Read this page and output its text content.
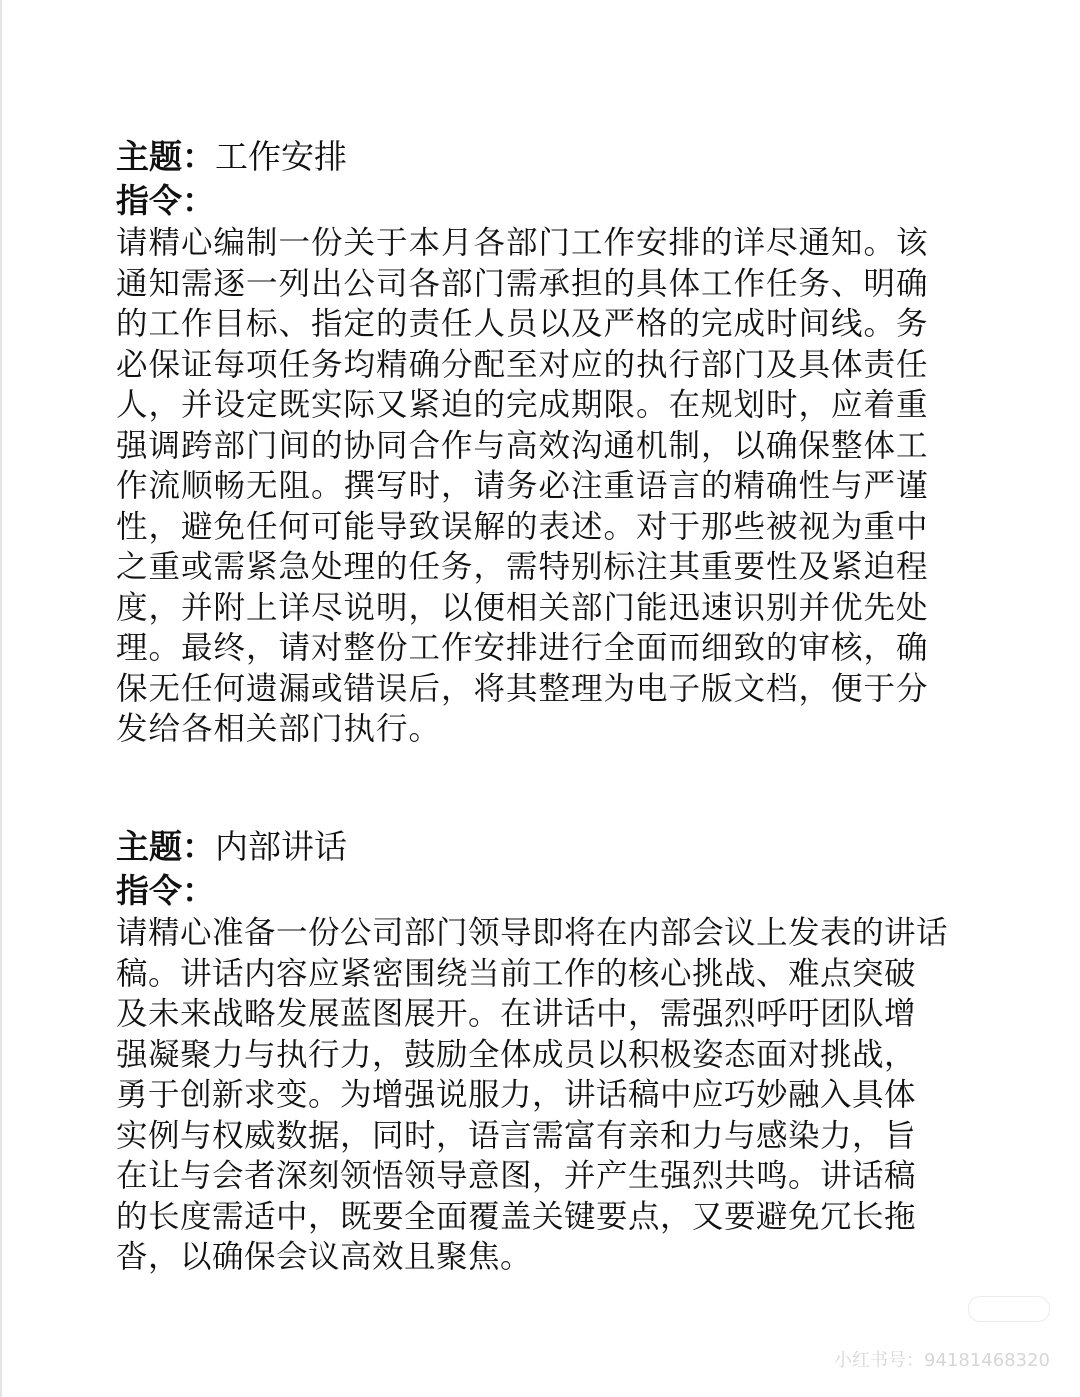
主题：工作安排
指令：

请精心编制一份关于本月各部门工作安排的详尽通知。该
通知需逐一列出公司各部门需承担的具体工作任务、明确
的工作目标、指定的责任人员以及严格的完成时间线。务
必保证每项任务均精确分配至对应的执行部门及具体责任
人，并设定既实际又紧迫的完成期限。在规划时，应着重
强调跨部门间的协同合作与高效沟通机制，以确保整体工
作流顺畅无阻。撰写时，请务必注重语言的精确性与严谨
性，避免任何可能导致误解的表述。对于那些被视为重中
之重或需紧急处理的任务，需特别标注其重要性及紧迫程
度，并附上详尽说明，以便相关部门能迅速识别并优先处
理。最终，请对整份工作安排进行全面而细致的审核，确
保无任何遗漏或错误后，将其整理为电子版文档，便于分
发给各相关部门执行。

主题：内部讲话
指令：

请精心准备一份公司部门领导即将在内部会议上发表的讲话
稿。讲话内容应紧密围绕当前工作的核心挑战、难点突破
及未来战略发展蓝图展开。在讲话中，需强烈呼吁团队增
强凝聚力与执行力，鼓励全体成员以积极姿态面对挑战，
勇于创新求变。为增强说服力，讲话稿中应巧妙融入具体
实例与权威数据，同时，语言需富有亲和力与感染力，旨
在让与会者深刻领悟领导意图，并产生强烈共鸣。讲话稿
的长度需适中，既要全面覆盖关键要点，又要避免冗长拖
沓，以确保会议高效且聚焦。

小红书号：94181468320
